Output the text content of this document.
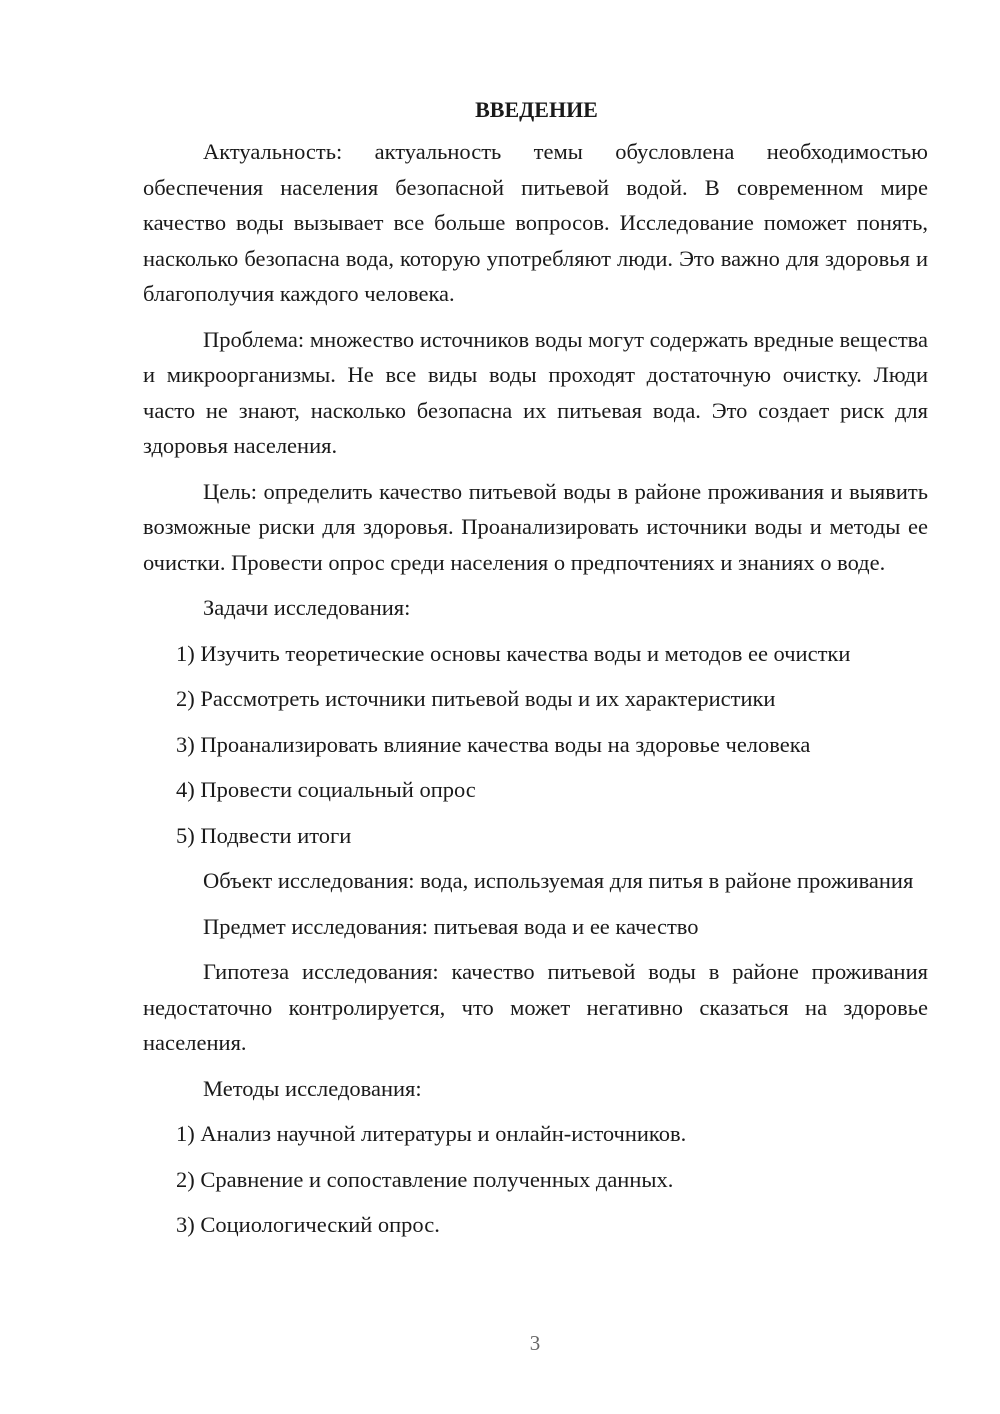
ВВЕДЕНИЕ

Актуальность: актуальность темы обусловлена необходимостью обеспечения населения безопасной питьевой водой. В современном мире качество воды вызывает все больше вопросов. Исследование поможет понять, насколько безопасна вода, которую употребляют люди. Это важно для здоровья и благополучия каждого человека.

Проблема: множество источников воды могут содержать вредные вещества и микроорганизмы. Не все виды воды проходят достаточную очистку. Люди часто не знают, насколько безопасна их питьевая вода. Это создает риск для здоровья населения.

Цель: определить качество питьевой воды в районе проживания и выявить возможные риски для здоровья. Проанализировать источники воды и методы ее очистки. Провести опрос среди населения о предпочтениях и знаниях о воде.

Задачи исследования:

1) Изучить теоретические основы качества воды и методов ее очистки

2) Рассмотреть источники питьевой воды и их характеристики

3) Проанализировать влияние качества воды на здоровье человека

4) Провести социальный опрос

5) Подвести итоги

Объект исследования: вода, используемая для питья в районе проживания

Предмет исследования: питьевая вода и ее качество

Гипотеза исследования: качество питьевой воды в районе проживания недостаточно контролируется, что может негативно сказаться на здоровье населения.

Методы исследования:

1) Анализ научной литературы и онлайн-источников.

2) Сравнение и сопоставление полученных данных.

3) Социологический опрос.

3
